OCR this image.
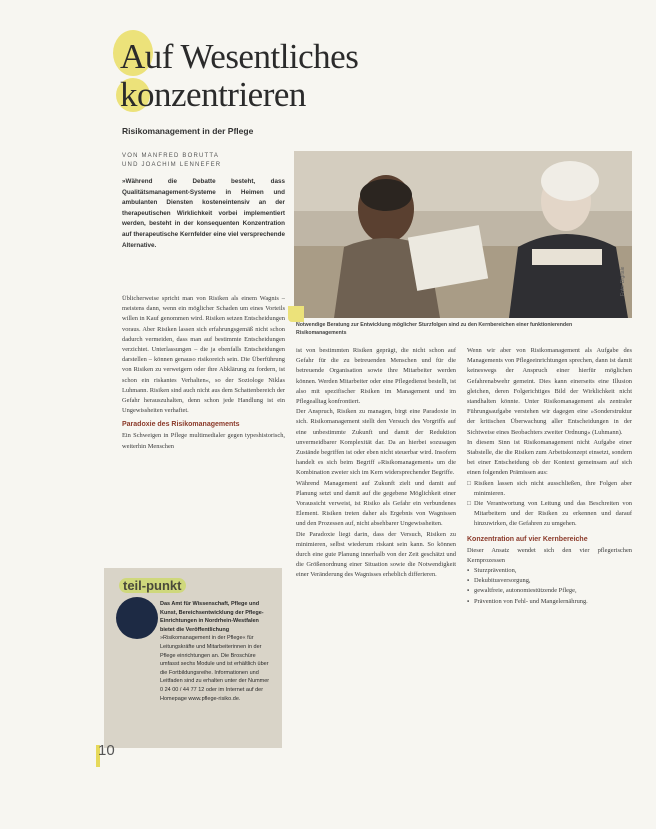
Auf Wesentliches
konzentrieren
Risikomanagement in der Pflege
VON MANFRED BORUTTA
UND JOACHIM LENNEFER

»Während die Debatte besteht, dass Qualitätsmanagement-Systeme in Heimen und ambulanten Diensten kosteneintensiv an der therapeutischen Wirklichkeit vorbei implementiert werden, besteht in der konsequenten Konzentration auf therapeutische Kernfelder eine viel versprechende Alternative.

Üblicherweise spricht man von Risiken als einem Wagnis – meistens dann, wenn ein möglicher Schaden um eines Vorteils willen in Kauf genommen wird. Risiken setzen Entscheidungen voraus. Aber Risiken lassen sich erfahrungsgemäß nicht schon dadurch vermeiden, dass man auf bestimmte Entscheidungen verzichtet. Unterlassungen – die ja ebenfalls Entscheidungen darstellen – können genauso risikoreich sein. Die Überführung von Risiken zu verweigern oder ihre Abklärung zu fordern, ist schon ein riskantes Verhalten«, so der Soziologe Niklas Luhmann. Risiken sind auch nicht aus dem Schattenbereich der Gefahr herauszuhalten, denn schon jede Handlung ist ein Ungewissheiten verhaftet.

Paradoxie des Risikomanagements

Ein Schweigen in Pflege multimedialer gegen typeshistorisch, weiterhin Menschen

Foto: Digitale

Notwendige Beratung zur Entwicklung möglicher Sturzfolgen sind zu den Kernbereichen einer funktionierenden Risikomanagements

ist von bestimmten Risiken geprägt, die nicht schon auf Gefahr für die zu betreuenden Menschen und für die betreuende Organisation sowie ihre Mitarbeiter werden können. Werden Mitarbeiter oder eine Pflegedienst bestellt, ist also mit spezifischer Risiken im Management und im Pflegealltag konfrontiert.

Der Anspruch, Risiken zu managen, birgt eine Paradoxie in sich. Risikomanagement stellt den Versuch des Vorgriffs auf eine unbestimmte Zukunft und damit der Reduktion unvermeidbarer Komplexität dar. Da an hierbei sozusagen Zustände begriffen ist oder eben nicht steuerbar wird. Insofern handelt es sich beim Begriff »Risikomanagement« um die Kombination zweier sich im Kern widersprechender Begriffe.

Während Management auf Zukunft zielt und damit auf Planung setzt und damit auf die gegebene Möglichkeit einer Voraussicht verweist, ist Risiko als Gefahr ein verbundenes Element. Risiken treten daher als Ergebnis von Wagnissen und den Prozessen auf, nicht absehbarer Ungewissheiten.

Die Paradoxie liegt darin, dass der Versuch, Risiken zu minimieren, selbst wiederum riskant sein kann. So können durch eine gute Planung innerhalb von der Zeit geschätzt und die Größenordnung einer Situation sowie die Notwendigkeit einer Veränderung des Wagnisses erheblich differieren.

Wenn wir aber von Risikomanagement als Aufgabe des Managements von Pflegeeinrichtungen sprechen, dann ist damit keineswegs der Anspruch einer hierfür möglichen Gefahrenabwehr gemeint. Dies kann einerseits eine Illusion gleichen, deren Folgerichtiges Bild der Wirklichkeit nicht standhalten könnte. Unter Risikomanagement als zentraler Führungsaufgabe verstehen wir dagegen eine »Sonderstruktur der kritischen Überwachung aller Entscheidungen in der Sichtweise eines Beobachters zweiter Ordnung« (Luhmann).

In diesem Sinn ist Risikomanagement nicht Aufgabe einer Stabstelle, die die Risiken zum Arbeitskonzept einsetzt, sondern bei einer Entscheidung ob der Kontext gemeinsam auf sich einen folgenden Prämissen aus:

□ Risiken lassen sich nicht ausschließen, ihre Folgen aber minimieren.
□ Die Verantwortung von Leitung und das Beschreiten von Mitarbeitern und der Risiken zu erkennen und darauf hinzuwirken, die Gefahren zu umgehen.
Konzentration auf vier Kernbereiche

Dieser Ansatz wendet sich den vier pflegerischen Kernprozessen

▪ Sturzprävention,
▪ Dekubitusversorgung,
▪ gewaltfreie, autonomiestützende Pflege,
▪ Prävention von Fehl- und Mangelernährung.
teil-punkt

Das Amt für Wissenschaft, Pflege und Kunst, Bereichsentwicklung der Pflege-Einrichtungen in Nordrhein-Westfalen bietet die Veröffentlichung »Risikomanagement in der Pflege« für Leitungskräfte und Mitarbeiterinnen in der Pflege einrichtungen an. Die Broschüre umfasst sechs Module und ist erhältlich über die Fortbildungsreihe. Informationen und Leitfaden sind zu erhalten unter der Nummer 0 24 00 / 44 77 12 oder im Internet auf der Homepage www.pflege-risiko.de.

10
